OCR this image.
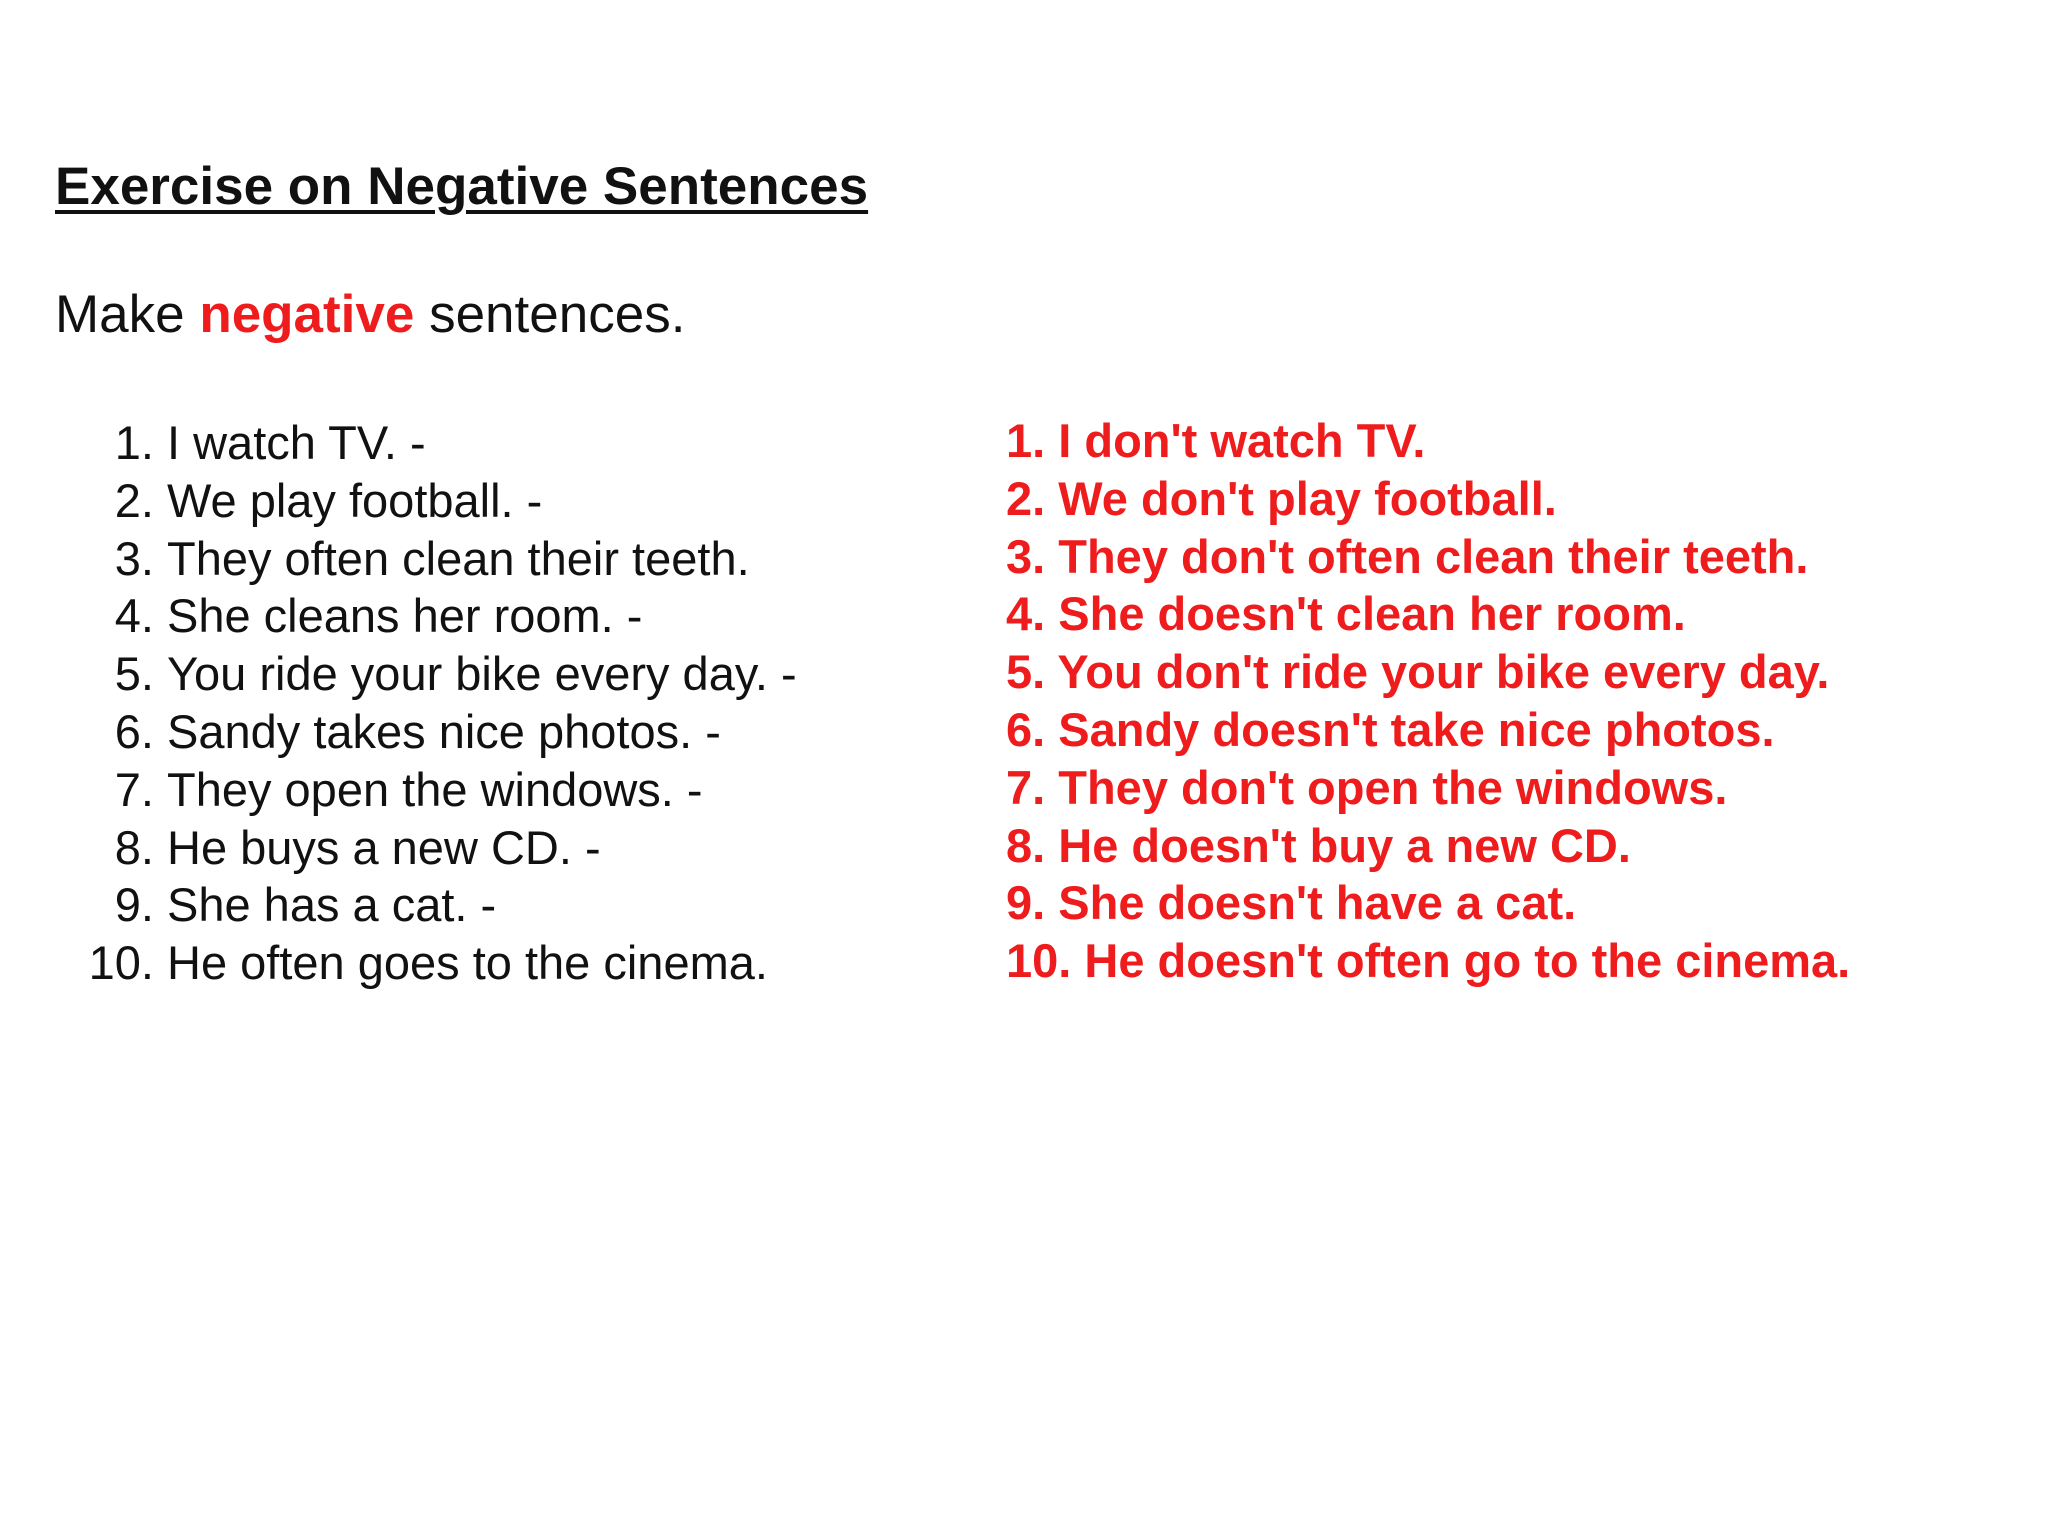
Exercise on Negative Sentences
Make negative sentences.
1. I watch TV. -
2. We play football. -
3. They often clean their teeth.
4. She cleans her room. -
5. You ride your bike every day. -
6. Sandy takes nice photos. -
7. They open the windows. -
8. He buys a new CD. -
9. She has a cat. -
10. He often goes to the cinema.
1. I don't watch TV.
2. We don't play football.
3. They don't often clean their teeth.
4. She doesn't clean her room.
5. You don't ride your bike every day.
6. Sandy doesn't take nice photos.
7. They don't open the windows.
8. He doesn't buy a new CD.
9. She doesn't have a cat.
10. He doesn't often go to the cinema.
